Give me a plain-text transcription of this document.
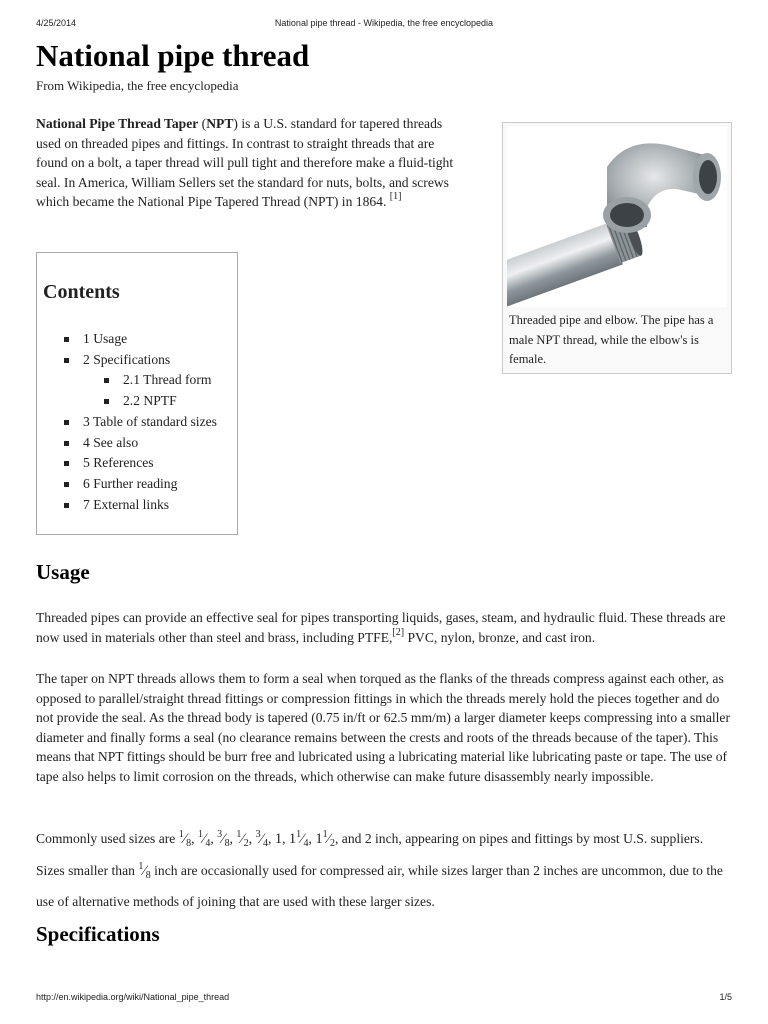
4/25/2014	National pipe thread - Wikipedia, the free encyclopedia
National pipe thread
From Wikipedia, the free encyclopedia

National Pipe Thread Taper (NPT) is a U.S. standard for tapered threads used on threaded pipes and fittings. In contrast to straight threads that are found on a bolt, a taper thread will pull tight and therefore make a fluid-tight seal. In America, William Sellers set the standard for nuts, bolts, and screws which became the National Pipe Tapered Thread (NPT) in 1864. [1]

Threaded pipe and elbow. The pipe has a male NPT thread, while the elbow's is female.
Contents
1 Usage
2 Specifications
2.1 Thread form
2.2 NPTF
3 Table of standard sizes
4 See also
5 References
6 Further reading
7 External links
Usage

Threaded pipes can provide an effective seal for pipes transporting liquids, gases, steam, and hydraulic fluid. These threads are now used in materials other than steel and brass, including PTFE,[2] PVC, nylon, bronze, and cast iron.

The taper on NPT threads allows them to form a seal when torqued as the flanks of the threads compress against each other, as opposed to parallel/straight thread fittings or compression fittings in which the threads merely hold the pieces together and do not provide the seal. As the thread body is tapered (0.75 in/ft or 62.5 mm/m) a larger diameter keeps compressing into a smaller diameter and finally forms a seal (no clearance remains between the crests and roots of the threads because of the taper). This means that NPT fittings should be burr free and lubricated using a lubricating material like lubricating paste or tape. The use of tape also helps to limit corrosion on the threads, which otherwise can make future disassembly nearly impossible.

Commonly used sizes are $^1⁄_8$, $^1⁄_4$, $^3⁄_8$, $^1⁄_2$, $^3⁄_4$, 1, $1^1⁄_4$, $1^1⁄_2$, and 2 inch, appearing on pipes and fittings by most U.S. suppliers. Sizes smaller than $^1⁄_8$ inch are occasionally used for compressed air, while sizes larger than 2 inches are uncommon, due to the use of alternative methods of joining that are used with these larger sizes.

Specifications
http://en.wikipedia.org/wiki/National_pipe_thread	1/5
